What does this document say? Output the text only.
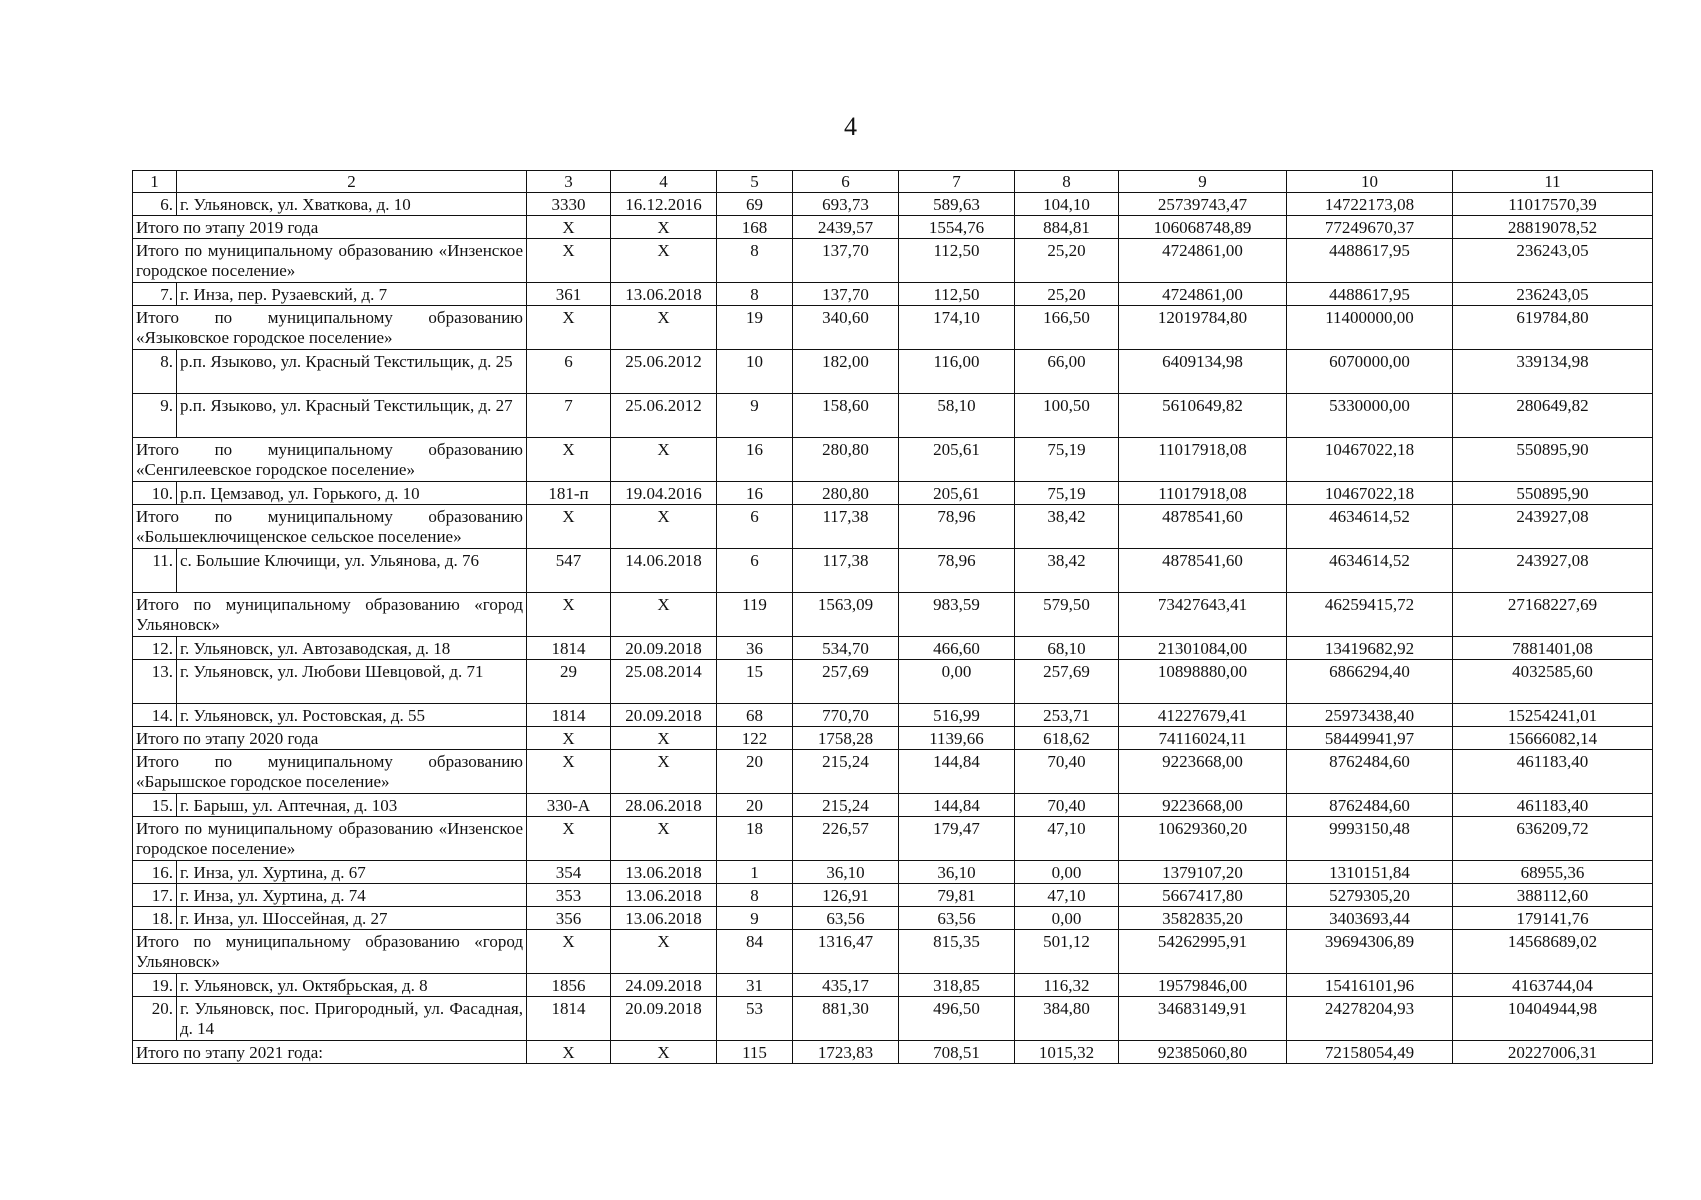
4
1	2	3	4	5	6	7	8	9	10	11
6.	г. Ульяновск, ул. Хваткова, д. 10	3330	16.12.2016	69	693,73	589,63	104,10	25739743,47	14722173,08	11017570,39
Итого по этапу 2019 года		X	X	168	2439,57	1554,76	884,81	106068748,89	77249670,37	28819078,52
Итого по муниципальному образованию «Инзенское городское поселение»		X	X	8	137,70	112,50	25,20	4724861,00	4488617,95	236243,05
7.	г. Инза, пер. Рузаевский, д. 7	361	13.06.2018	8	137,70	112,50	25,20	4724861,00	4488617,95	236243,05
Итого по муниципальному образованию «Языковское городское поселение»		X	X	19	340,60	174,10	166,50	12019784,80	11400000,00	619784,80
8.	р.п. Языково, ул. Красный Текстильщик, д. 25	6	25.06.2012	10	182,00	116,00	66,00	6409134,98	6070000,00	339134,98
9.	р.п. Языково, ул. Красный Текстильщик, д. 27	7	25.06.2012	9	158,60	58,10	100,50	5610649,82	5330000,00	280649,82
Итого по муниципальному образованию «Сенгилеевское городское поселение»		X	X	16	280,80	205,61	75,19	11017918,08	10467022,18	550895,90
10.	р.п. Цемзавод, ул. Горького, д. 10	181-п	19.04.2016	16	280,80	205,61	75,19	11017918,08	10467022,18	550895,90
Итого по муниципальному образованию «Большеключищенское сельское поселение»		X	X	6	117,38	78,96	38,42	4878541,60	4634614,52	243927,08
11.	с. Большие Ключищи, ул. Ульянова, д. 76	547	14.06.2018	6	117,38	78,96	38,42	4878541,60	4634614,52	243927,08
Итого по муниципальному образованию «город Ульяновск»		X	X	119	1563,09	983,59	579,50	73427643,41	46259415,72	27168227,69
12.	г. Ульяновск, ул. Автозаводская, д. 18	1814	20.09.2018	36	534,70	466,60	68,10	21301084,00	13419682,92	7881401,08
13.	г. Ульяновск, ул. Любови Шевцовой, д. 71	29	25.08.2014	15	257,69	0,00	257,69	10898880,00	6866294,40	4032585,60
14.	г. Ульяновск, ул. Ростовская, д. 55	1814	20.09.2018	68	770,70	516,99	253,71	41227679,41	25973438,40	15254241,01
Итого по этапу 2020 года		X	X	122	1758,28	1139,66	618,62	74116024,11	58449941,97	15666082,14
Итого по муниципальному образованию «Барышское городское поселение»		X	X	20	215,24	144,84	70,40	9223668,00	8762484,60	461183,40
15.	г. Барыш, ул. Аптечная, д. 103	330-А	28.06.2018	20	215,24	144,84	70,40	9223668,00	8762484,60	461183,40
Итого по муниципальному образованию «Инзенское городское поселение»		X	X	18	226,57	179,47	47,10	10629360,20	9993150,48	636209,72
16.	г. Инза, ул. Хуртина, д. 67	354	13.06.2018	1	36,10	36,10	0,00	1379107,20	1310151,84	68955,36
17.	г. Инза, ул. Хуртина, д. 74	353	13.06.2018	8	126,91	79,81	47,10	5667417,80	5279305,20	388112,60
18.	г. Инза, ул. Шоссейная, д. 27	356	13.06.2018	9	63,56	63,56	0,00	3582835,20	3403693,44	179141,76
Итого по муниципальному образованию «город Ульяновск»		X	X	84	1316,47	815,35	501,12	54262995,91	39694306,89	14568689,02
19.	г. Ульяновск, ул. Октябрьская, д. 8	1856	24.09.2018	31	435,17	318,85	116,32	19579846,00	15416101,96	4163744,04
20.	г. Ульяновск, пос. Пригородный, ул. Фасадная, д. 14	1814	20.09.2018	53	881,30	496,50	384,80	34683149,91	24278204,93	10404944,98
Итого по этапу 2021 года:		X	X	115	1723,83	708,51	1015,32	92385060,80	72158054,49	20227006,31
